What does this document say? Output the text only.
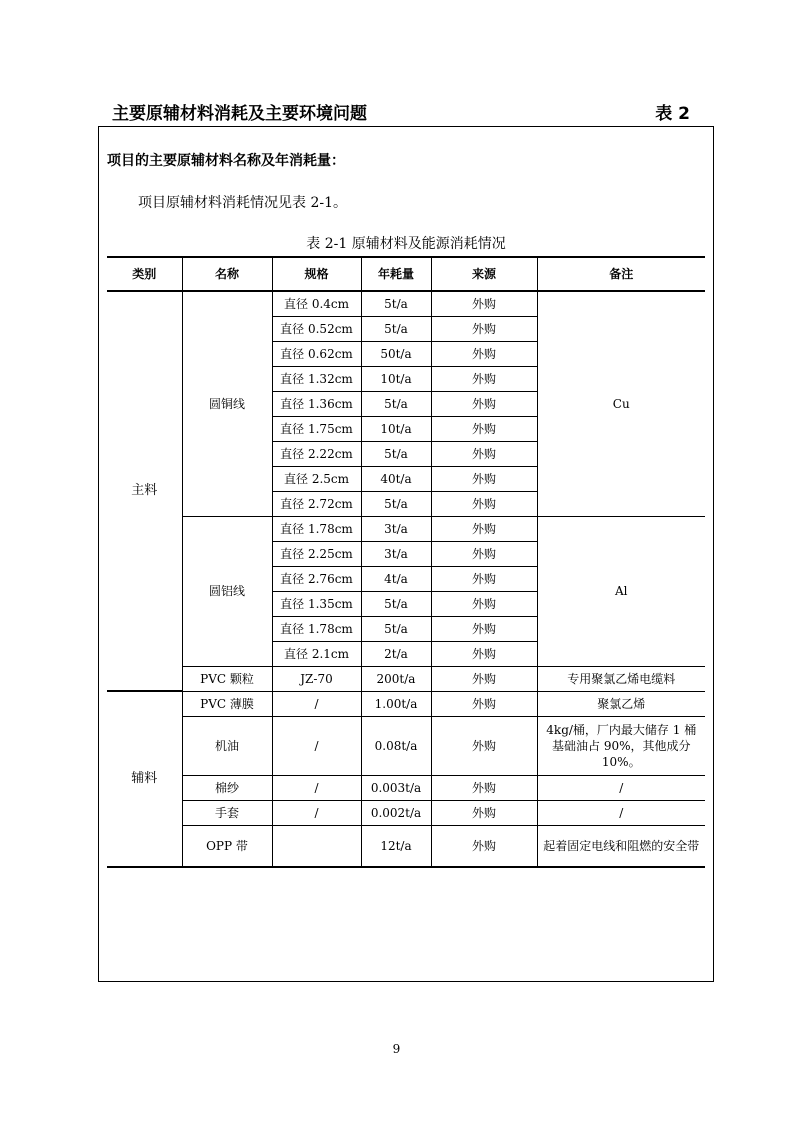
主要原辅材料消耗及主要环境问题	表 2
项目的主要原辅材料名称及年消耗量：
项目原辅材料消耗情况见表 2-1。
表 2-1 原辅材料及能源消耗情况
类别	名称	规格	年耗量	来源	备注
主料	圆铜线	直径 0.4cm	5t/a	外购	Cu
		直径 0.52cm	5t/a	外购	
		直径 0.62cm	50t/a	外购	
		直径 1.32cm	10t/a	外购	
		直径 1.36cm	5t/a	外购	
		直径 1.75cm	10t/a	外购	
		直径 2.22cm	5t/a	外购	
		直径 2.5cm	40t/a	外购	
		直径 2.72cm	5t/a	外购	
	圆铝线	直径 1.78cm	3t/a	外购	Al
		直径 2.25cm	3t/a	外购	
		直径 2.76cm	4t/a	外购	
		直径 1.35cm	5t/a	外购	
		直径 1.78cm	5t/a	外购	
		直径 2.1cm	2t/a	外购	
	PVC 颗粒	JZ-70	200t/a	外购	专用聚氯乙烯电缆料
辅料	PVC 薄膜	/	1.00t/a	外购	聚氯乙烯
	机油	/	0.08t/a	外购	4kg/桶，厂内最大储存 1 桶 基础油占 90%，其他成分 10%。
	棉纱	/	0.003t/a	外购	/
	手套	/	0.002t/a	外购	/
	OPP 带		12t/a	外购	起着固定电线和阻燃的安全带
9
